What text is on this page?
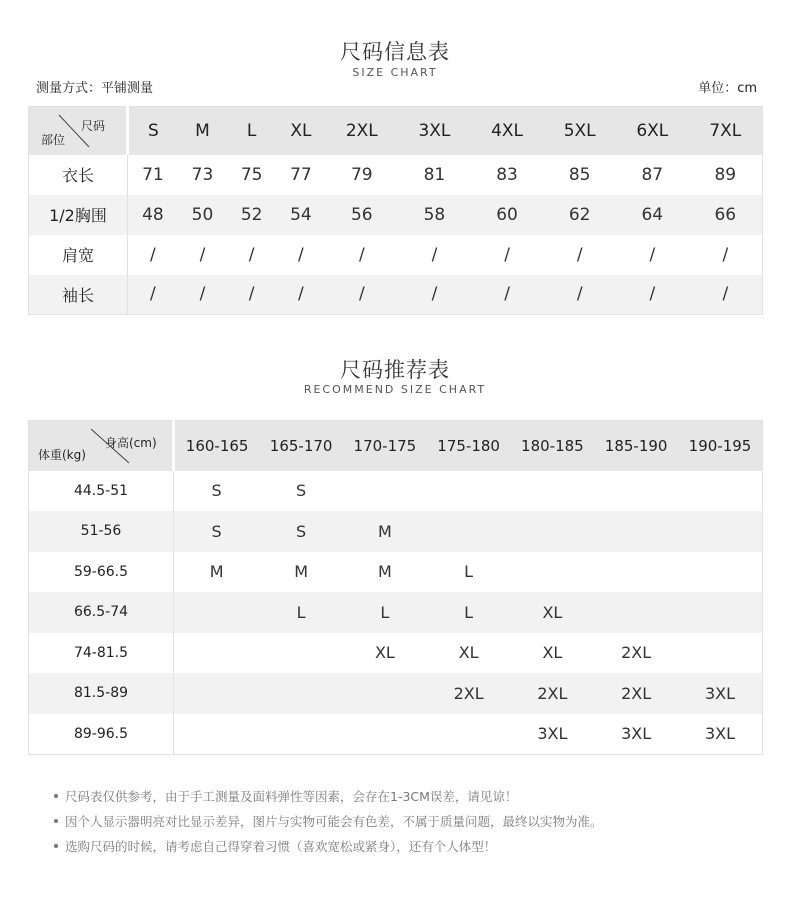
尺码信息表
SIZE CHART
测量方式：平铺测量	单位：cm
尺码
部位	S	M	L	XL	2XL	3XL	4XL	5XL	6XL	7XL
衣长	71	73	75	77	79	81	83	85	87	89
1/2胸围	48	50	52	54	56	58	60	62	64	66
肩宽	/	/	/	/	/	/	/	/	/	/
袖长	/	/	/	/	/	/	/	/	/	/
尺码推荐表
RECOMMEND SIZE CHART
身高(cm)
体重(kg)	160-165	165-170	170-175	175-180	180-185	185-190	190-195
44.5-51	S	S					
51-56	S	S	M				
59-66.5	M	M	M	L			
66.5-74		L	L	L	XL		
74-81.5			XL	XL	XL	2XL	
81.5-89				2XL	2XL	2XL	3XL
89-96.5					3XL	3XL	3XL
尺码表仅供参考，由于手工测量及面料弹性等因素，会存在1-3CM误差，请见谅！
因个人显示器明亮对比显示差异，图片与实物可能会有色差，不属于质量问题，最终以实物为准。
选购尺码的时候，请考虑自己得穿着习惯（喜欢宽松或紧身），还有个人体型！
